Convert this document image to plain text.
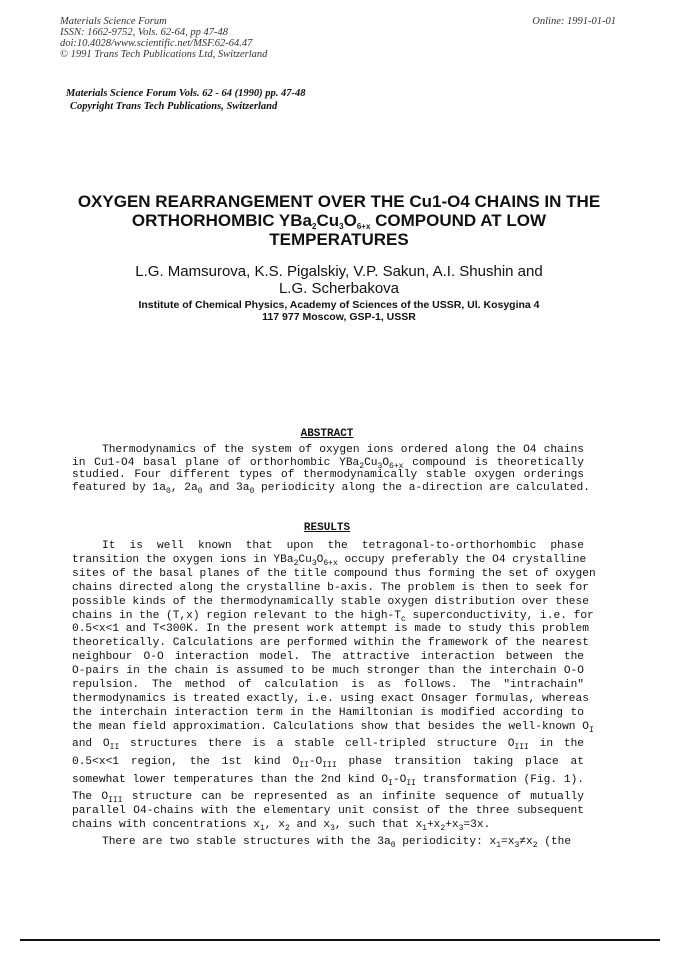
Materials Science Forum
ISSN: 1662-9752, Vols. 62-64, pp 47-48
doi:10.4028/www.scientific.net/MSF.62-64.47
© 1991 Trans Tech Publications Ltd, Switzerland
Online: 1991-01-01
Materials Science Forum Vols. 62 - 64 (1990) pp. 47-48
Copyright Trans Tech Publications, Switzerland
OXYGEN REARRANGEMENT OVER THE Cu1-O4 CHAINS IN THE
ORTHORHOMBIC $YBa_2Cu_3O_{6+x}$ COMPOUND AT LOW
TEMPERATURES
L.G. Mamsurova, K.S. Pigalskiy, V.P. Sakun, A.I. Shushin and
L.G. Scherbakova
Institute of Chemical Physics, Academy of Sciences of the USSR, Ul. Kosygina 4
117 977 Moscow, GSP-1, USSR
ABSTRACT
Thermodynamics of the system of oxygen ions ordered along the O4 chains
in Cu1-O4 basal plane of orthorhombic $YBa_2Cu_3O_{6+x}$ compound is theoretically
studied. Four different types of thermodynamically stable oxygen orderings
featured by $1a_0$, $2a_0$ and $3a_0$ periodicity along the a-direction are calculated.
RESULTS
It is well known that upon the tetragonal-to-orthorhombic phase
transition the oxygen ions in $YBa_2Cu_3O_{6+x}$ occupy preferably the O4 crystalline
sites of the basal planes of the title compound thus forming the set of oxygen
chains directed along the crystalline b-axis. The problem is then to seek for
possible kinds of the thermodynamically stable oxygen distribution over these
chains in the (T,x) region relevant to the high-$T_c$ superconductivity, i.e. for
0.5<x<1 and T<300K. In the present work attempt is made to study this problem
theoretically. Calculations are performed within the framework of the nearest
neighbour O-O interaction model. The attractive interaction between the
O-pairs in the chain is assumed to be much stronger than the interchain O-O
repulsion. The method of calculation is as follows. The "intrachain"
thermodynamics is treated exactly, i.e. using exact Onsager formulas, whereas
the interchain interaction term in the Hamiltonian is modified according to
the mean field approximation. Calculations show that besides the well-known $O_I$
and $O_{II}$ structures there is a stable cell-tripled structure $O_{III}$ in the
0.5<x<1 region, the 1st kind $O_{II}-O_{III}$ phase transition taking place at
somewhat lower temperatures than the 2nd kind $O_I-O_{II}$ transformation (Fig. 1).
The $O_{III}$ structure can be represented as an infinite sequence of mutually
parallel O4-chains with the elementary unit consist of the three subsequent
chains with concentrations $x_1$, $x_2$ and $x_3$, such that $x_1+x_2+x_3=3x$.
There are two stable structures with the $3a_0$ periodicity: $x_1=x_3\ne x_2$ (the
